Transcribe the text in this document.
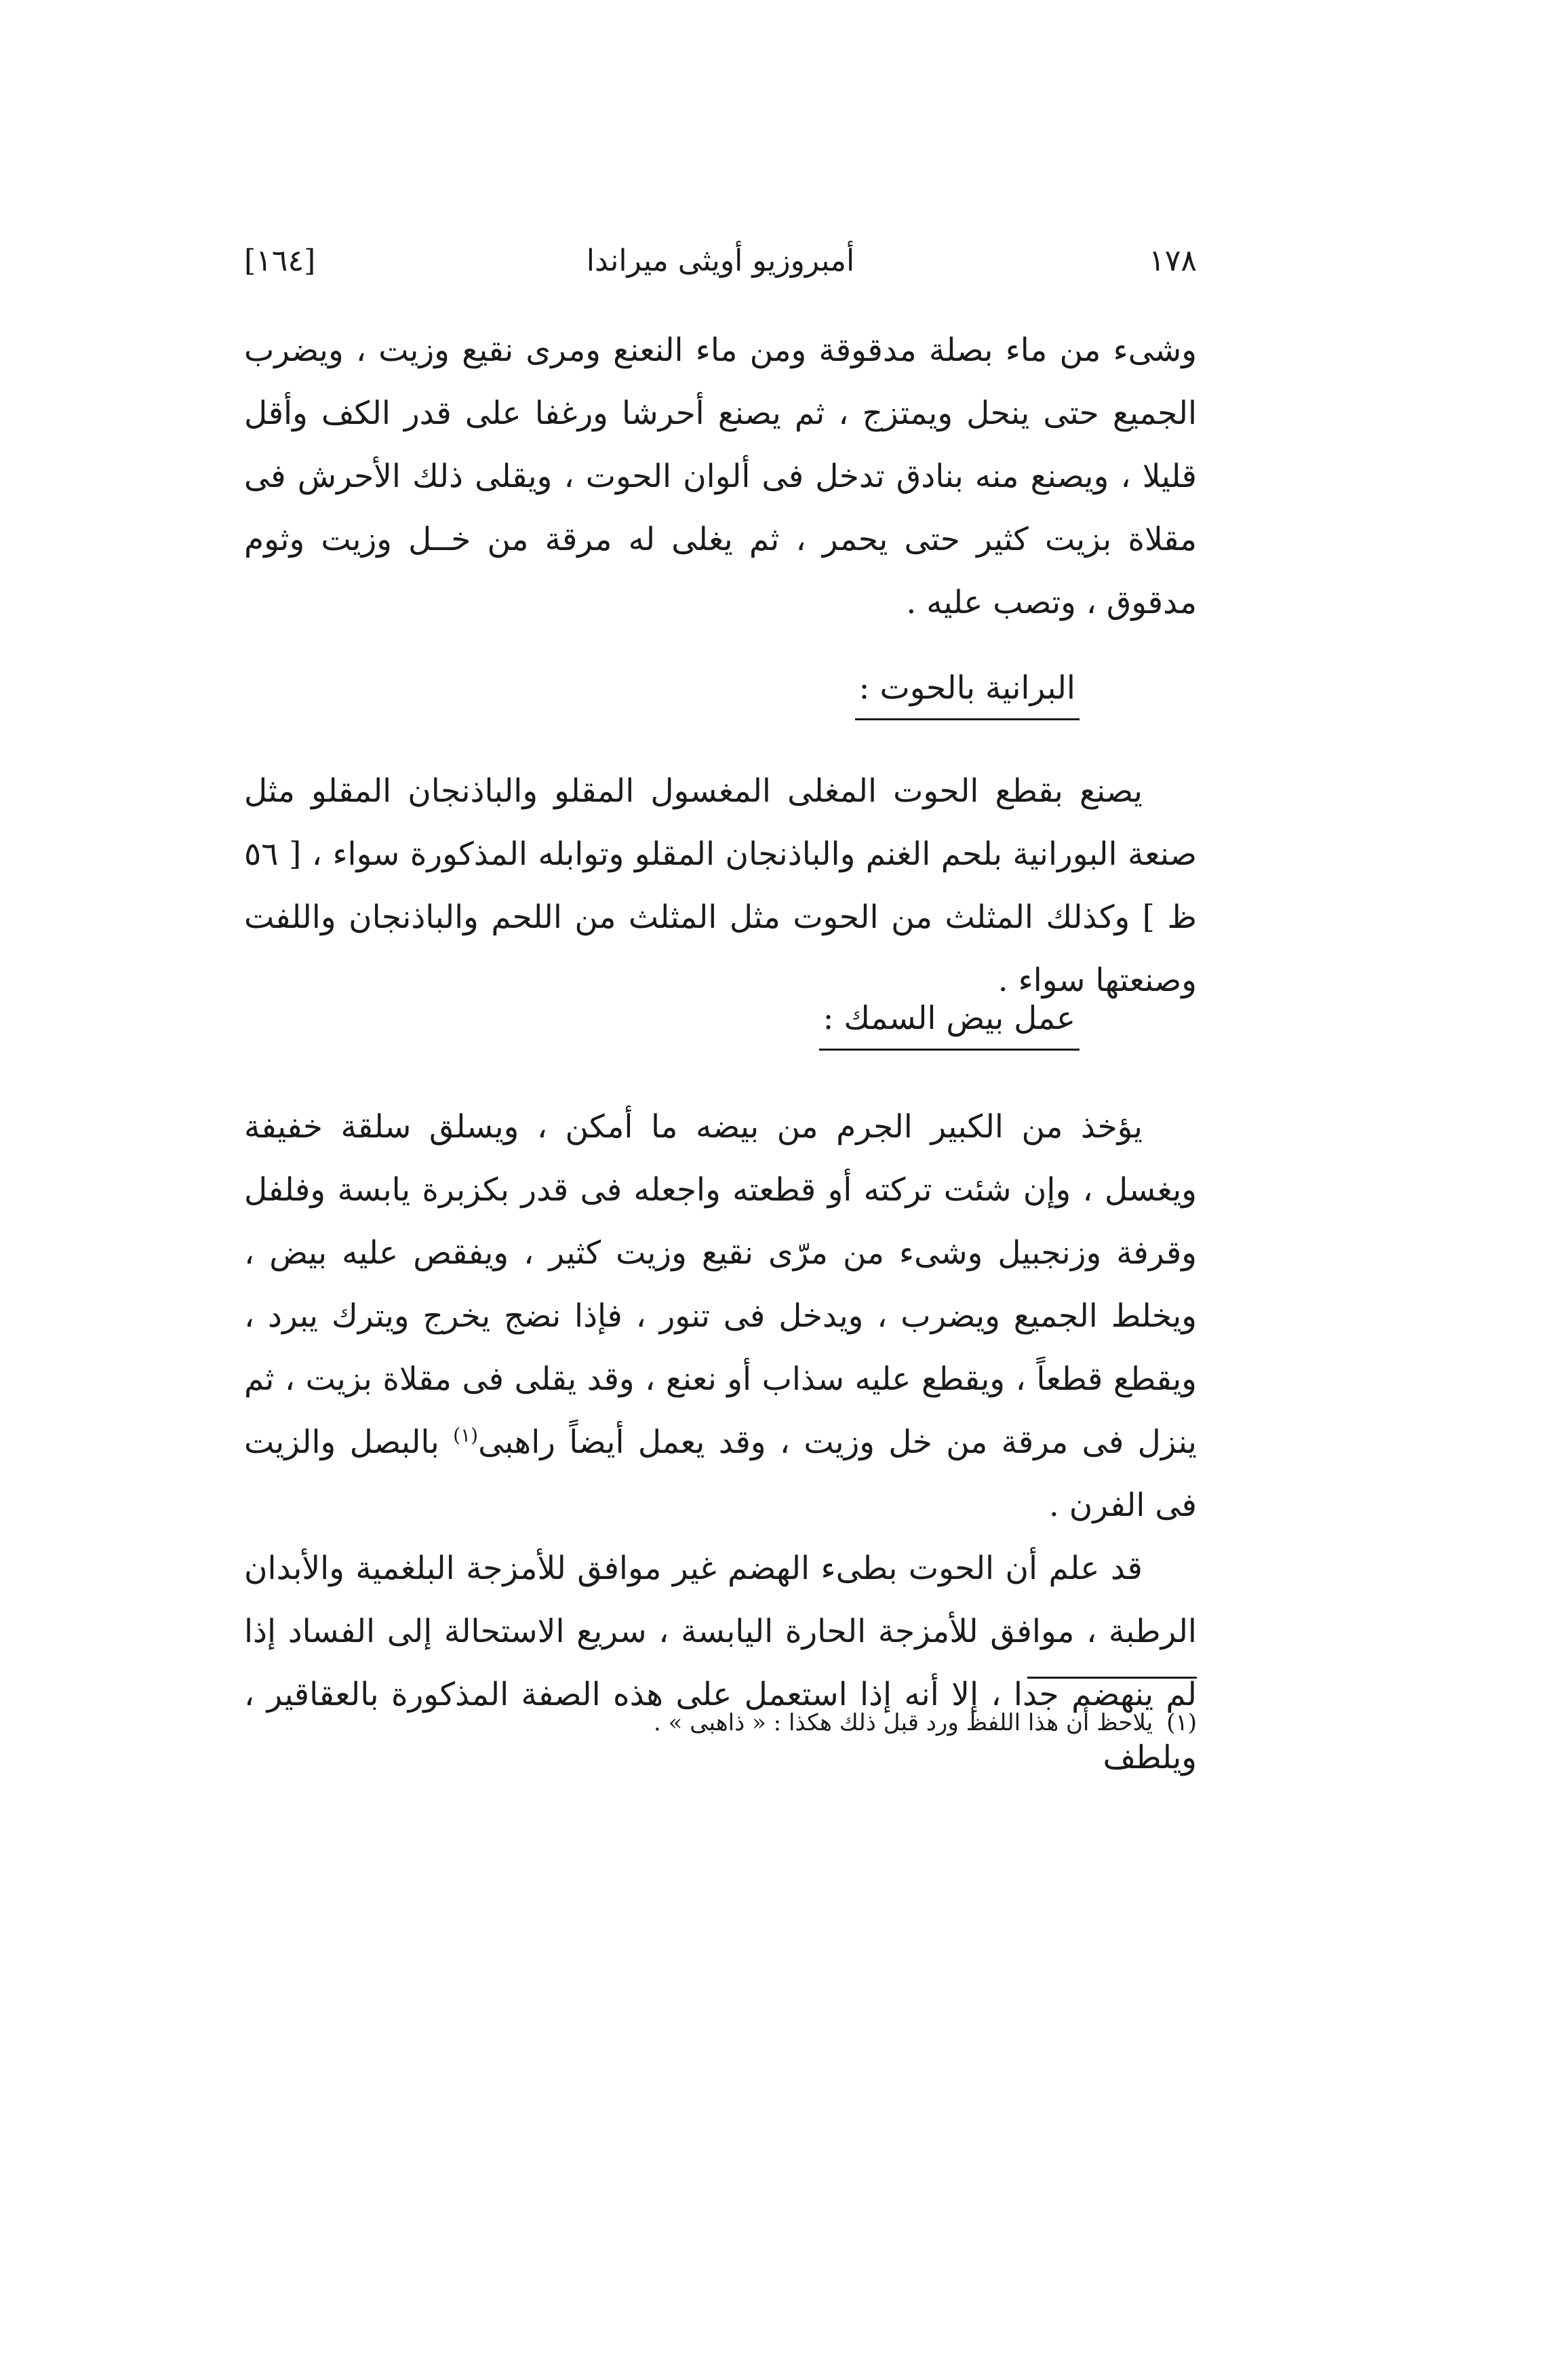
١٧٨
أمبروزيو أويثى ميراندا
[١٦٤]

وشىء من ماء بصلة مدقوقة ومن ماء النعنع ومرى نقيع وزيت ، ويضرب الجميع حتى ينحل ويمتزج ، ثم يصنع أحرشا ورغفا على قدر الكف وأقل قليلا ، ويصنع منه بنادق تدخل فى ألوان الحوت ، ويقلى ذلك الأحرش فى مقلاة بزيت كثير حتى يحمر ، ثم يغلى له مرقة من خــل وزيت وثوم مدقوق ، وتصب عليه .

البرانية بالحوت :

يصنع بقطع الحوت المغلى المغسول المقلو والباذنجان المقلو مثل صنعة البورانية بلحم الغنم والباذنجان المقلو وتوابله المذكورة سواء ، [ ٥٦ ظ ] وكذلك المثلث من الحوت مثل المثلث من اللحم والباذنجان واللفت وصنعتها سواء .

عمل بيض السمك :

يؤخذ من الكبير الجرم من بيضه ما أمكن ، ويسلق سلقة خفيفة ويغسل ، وإن شئت تركته أو قطعته واجعله فى قدر بكزبرة يابسة وفلفل وقرفة وزنجبيل وشىء من مرّى نقيع وزيت كثير ، ويفقص عليه بيض ، ويخلط الجميع ويضرب ، ويدخل فى تنور ، فإذا نضج يخرج ويترك يبرد ، ويقطع قطعاً ، ويقطع عليه سذاب أو نعنع ، وقد يقلى فى مقلاة بزيت ، ثم ينزل فى مرقة من خل وزيت ، وقد يعمل أيضاً راهبى$^{(١)}$ بالبصل والزيت فى الفرن .

قد علم أن الحوت بطىء الهضم غير موافق للأمزجة البلغمية والأبدان الرطبة ، موافق للأمزجة الحارة اليابسة ، سريع الاستحالة إلى الفساد إذا لم ينهضم جدا ، إلا أنه إذا استعمل على هذه الصفة المذكورة بالعقاقير ، ويلطف

(١)يلاحظ أن هذا اللفظ ورد قبل ذلك هكذا : « ذاهبى » .
